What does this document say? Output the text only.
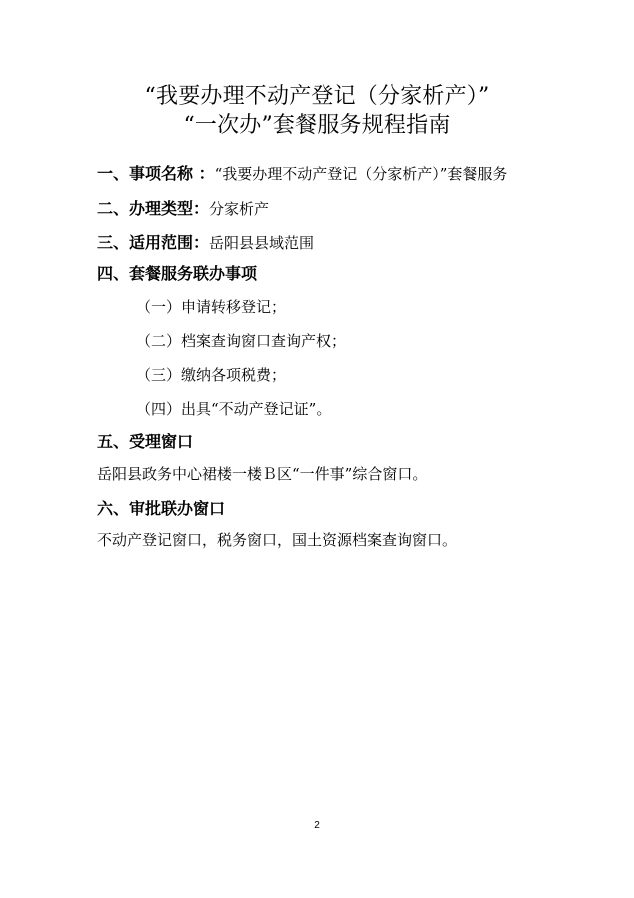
“我要办理不动产登记（分家析产）”
“一次办”套餐服务规程指南
一、事项名称 ：“我要办理不动产登记（分家析产）”套餐服务
二、办理类型：分家析产
三、适用范围：岳阳县县域范围
四、套餐服务联办事项
（一）申请转移登记；
（二）档案查询窗口查询产权；
（三）缴纳各项税费；
（四）出具“不动产登记证”。
五、受理窗口
岳阳县政务中心裙楼一楼Ｂ区“一件事”综合窗口。
六、审批联办窗口
不动产登记窗口，税务窗口，国土资源档案查询窗口。
2
